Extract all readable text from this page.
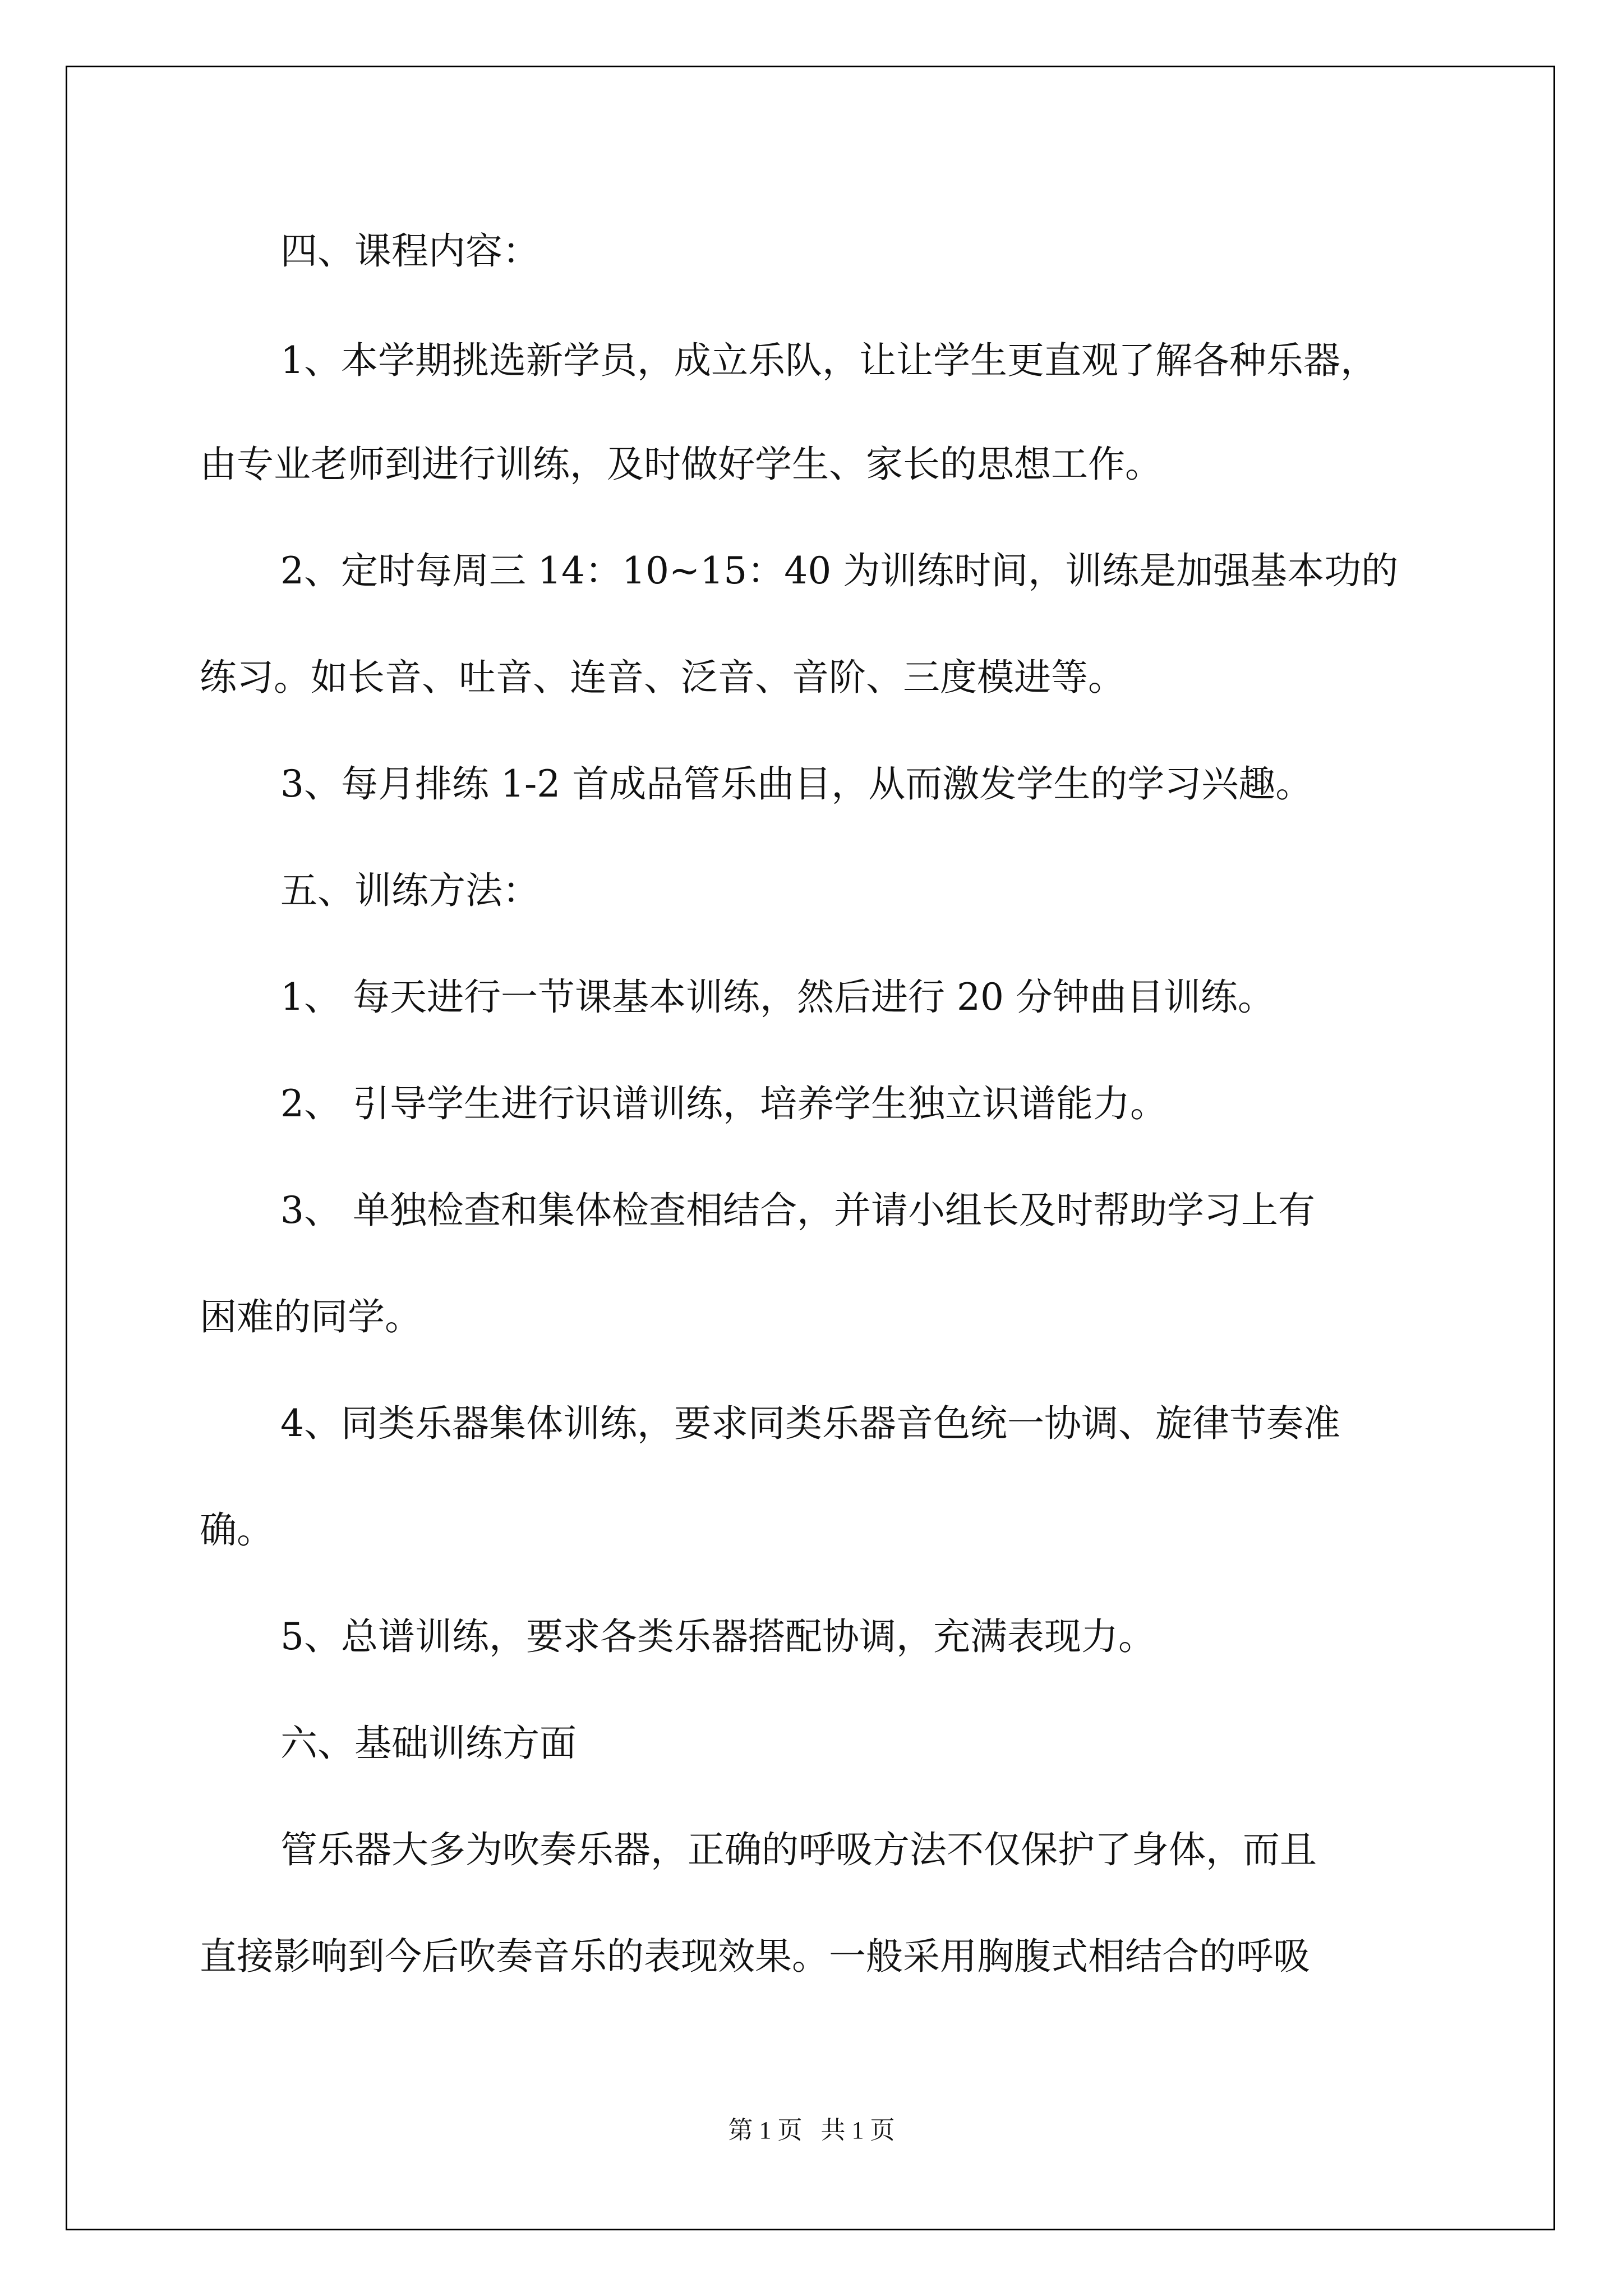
四、课程内容：

1、本学期挑选新学员，成立乐队，让让学生更直观了解各种乐器，

由专业老师到进行训练，及时做好学生、家长的思想工作。

2、定时每周三 14：10~15：40 为训练时间，训练是加强基本功的

练习。如长音、吐音、连音、泛音、音阶、三度模进等。

3、每月排练 1-2 首成品管乐曲目，从而激发学生的学习兴趣。

五、训练方法：

1、 每天进行一节课基本训练，然后进行 20 分钟曲目训练。

2、 引导学生进行识谱训练，培养学生独立识谱能力。

3、 单独检查和集体检查相结合，并请小组长及时帮助学习上有

困难的同学。

4、同类乐器集体训练，要求同类乐器音色统一协调、旋律节奏准

确。

5、总谱训练，要求各类乐器搭配协调，充满表现力。

六、基础训练方面

管乐器大多为吹奏乐器，正确的呼吸方法不仅保护了身体，而且

直接影响到今后吹奏音乐的表现效果。一般采用胸腹式相结合的呼吸

第 1 页   共 1 页
